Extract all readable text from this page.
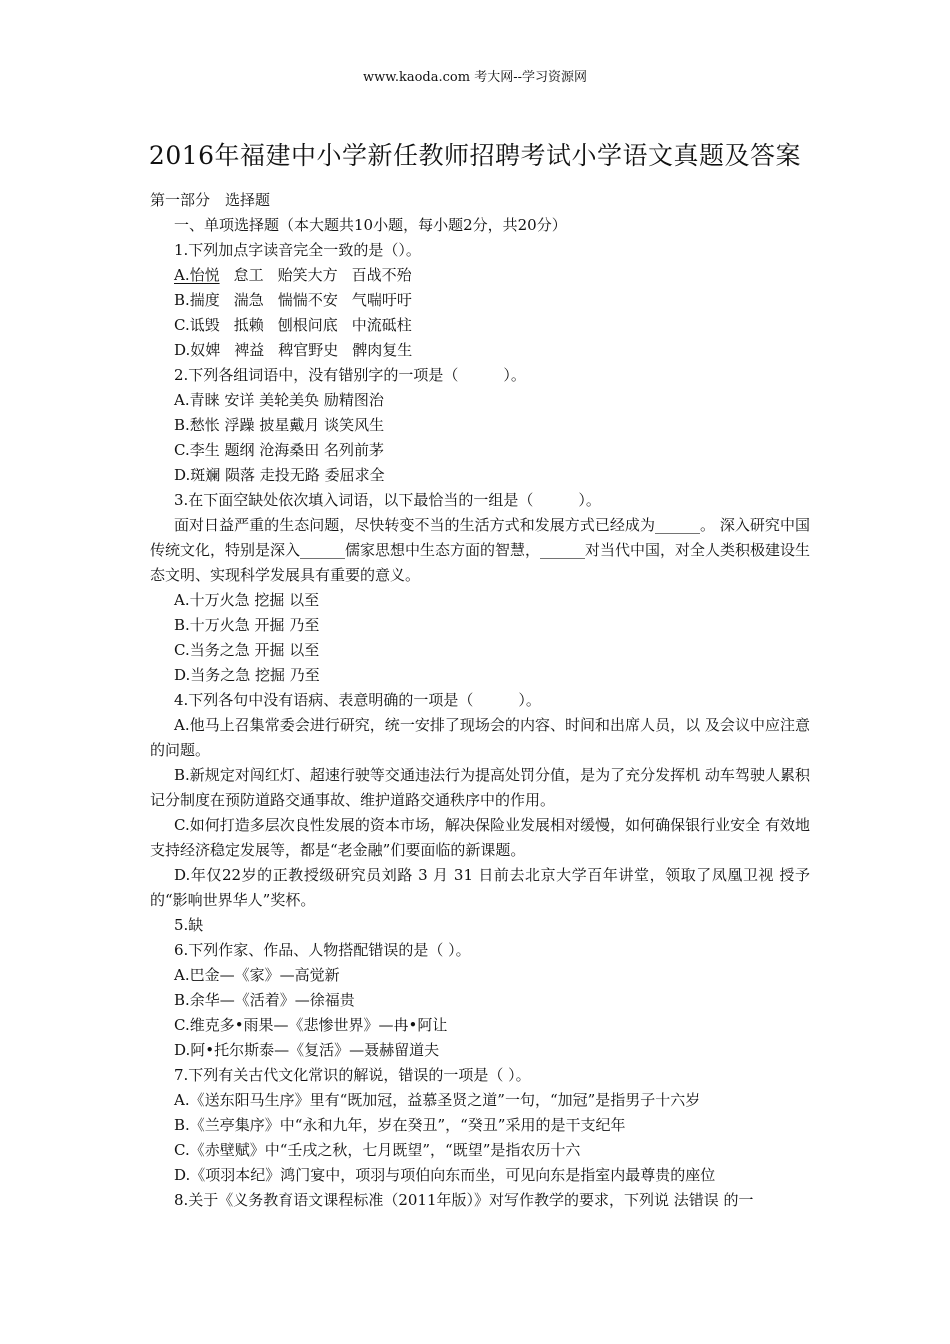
www.kaoda.com 考大网--学习资源网
2016年福建中小学新任教师招聘考试小学语文真题及答案

第一部分　选择题

一、单项选择题（本大题共10小题，每小题2分，共20分）

1.下列加点字读音完全一致的是（）。

A.怡悦 怠工 贻笑大方 百战不殆

B.揣度 湍急 惴惴不安 气喘吁吁

C.诋毁 抵赖 刨根问底 中流砥柱

D.奴婢 裨益 稗官野史 髀肉复生

2.下列各组词语中，没有错别字的一项是（　　　）。

A.青睐 安详 美轮美奂 励精图治

B.愁怅 浮躁 披星戴月 谈笑风生

C.李生 题纲 沧海桑田 名列前茅

D.斑斓 陨落 走投无路 委屈求全

3.在下面空缺处依次填入词语，以下最恰当的一组是（　　　）。

面对日益严重的生态问题，尽快转变不当的生活方式和发展方式已经成为______。 深入研究中国传统文化，特别是深入______儒家思想中生态方面的智慧，______对当代中国，对全人类积极建设生态文明、实现科学发展具有重要的意义。

A.十万火急 挖掘 以至

B.十万火急 开掘 乃至

C.当务之急 开掘 以至

D.当务之急 挖掘 乃至

4.下列各句中没有语病、表意明确的一项是（　　　）。

A.他马上召集常委会进行研究，统一安排了现场会的内容、时间和出席人员，以 及会议中应注意的问题。

B.新规定对闯红灯、超速行驶等交通违法行为提高处罚分值，是为了充分发挥机 动车驾驶人累积记分制度在预防道路交通事故、维护道路交通秩序中的作用。

C.如何打造多层次良性发展的资本市场，解决保险业发展相对缓慢，如何确保银行业安全 有效地支持经济稳定发展等，都是“老金融”们要面临的新课题。

D.年仅22岁的正教授级研究员刘路 3 月 31 日前去北京大学百年讲堂，领取了凤凰卫视 授予的“影响世界华人”奖杯。

5.缺

6.下列作家、作品、人物搭配错误的是（ ）。

A.巴金—《家》—高觉新

B.余华—《活着》—徐福贵

C.维克多•雨果—《悲惨世界》—冉•阿让

D.阿•托尔斯泰—《复活》—聂赫留道夫

7.下列有关古代文化常识的解说，错误的一项是（ ）。

A.《送东阳马生序》里有“既加冠，益慕圣贤之道”一句，“加冠”是指男子十六岁

B.《兰亭集序》中“永和九年，岁在癸丑”，“癸丑”采用的是干支纪年

C.《赤壁赋》中“壬戌之秋，七月既望”，“既望”是指农历十六

D.《项羽本纪》鸿门宴中，项羽与项伯向东而坐，可见向东是指室内最尊贵的座位

8.关于《义务教育语文课程标准（2011年版）》对写作教学的要求，下列说 法错误 的一
